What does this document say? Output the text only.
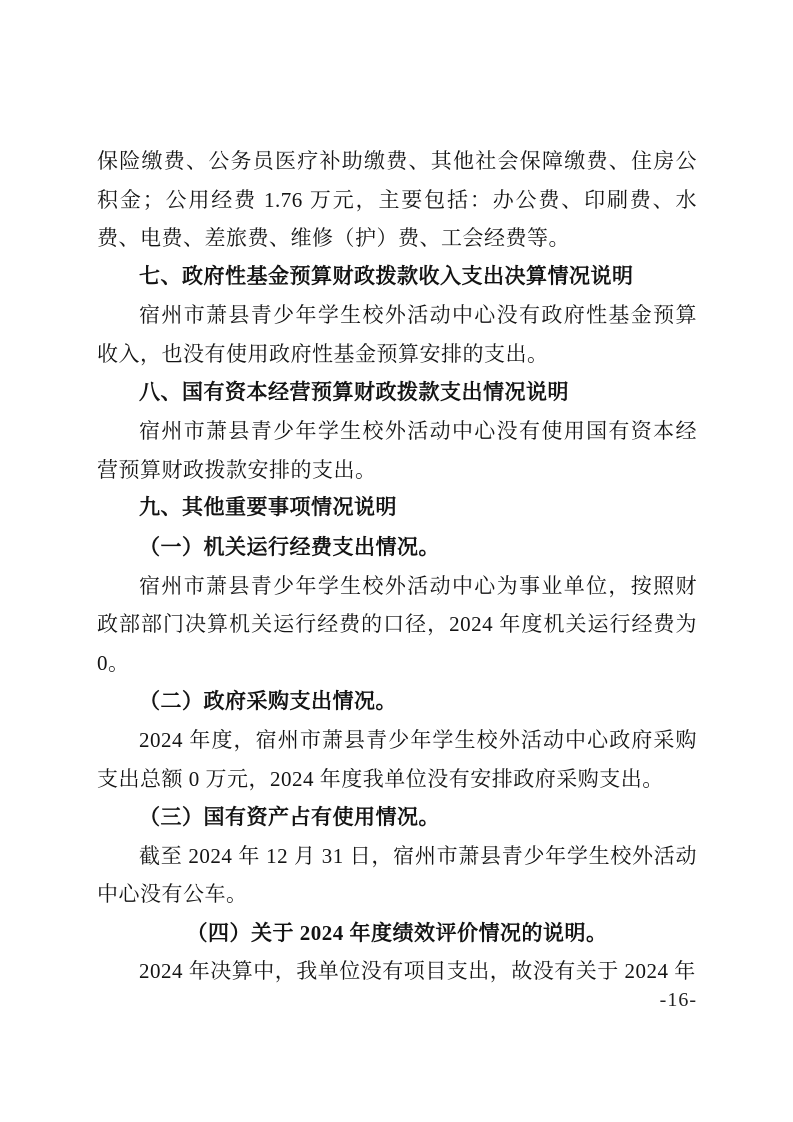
保险缴费、公务员医疗补助缴费、其他社会保障缴费、住房公积金；公用经费 1.76 万元，主要包括：办公费、印刷费、水费、电费、差旅费、维修（护）费、工会经费等。

七、政府性基金预算财政拨款收入支出决算情况说明

宿州市萧县青少年学生校外活动中心没有政府性基金预算收入，也没有使用政府性基金预算安排的支出。

八、国有资本经营预算财政拨款支出情况说明

宿州市萧县青少年学生校外活动中心没有使用国有资本经营预算财政拨款安排的支出。

九、其他重要事项情况说明

（一）机关运行经费支出情况。

宿州市萧县青少年学生校外活动中心为事业单位，按照财政部部门决算机关运行经费的口径，2024 年度机关运行经费为 0。

（二）政府采购支出情况。

2024 年度，宿州市萧县青少年学生校外活动中心政府采购支出总额 0 万元，2024 年度我单位没有安排政府采购支出。

（三）国有资产占有使用情况。

截至 2024 年 12 月 31 日，宿州市萧县青少年学生校外活动中心没有公车。

（四）关于 2024 年度绩效评价情况的说明。

2024 年决算中，我单位没有项目支出，故没有关于 2024 年

-16-
